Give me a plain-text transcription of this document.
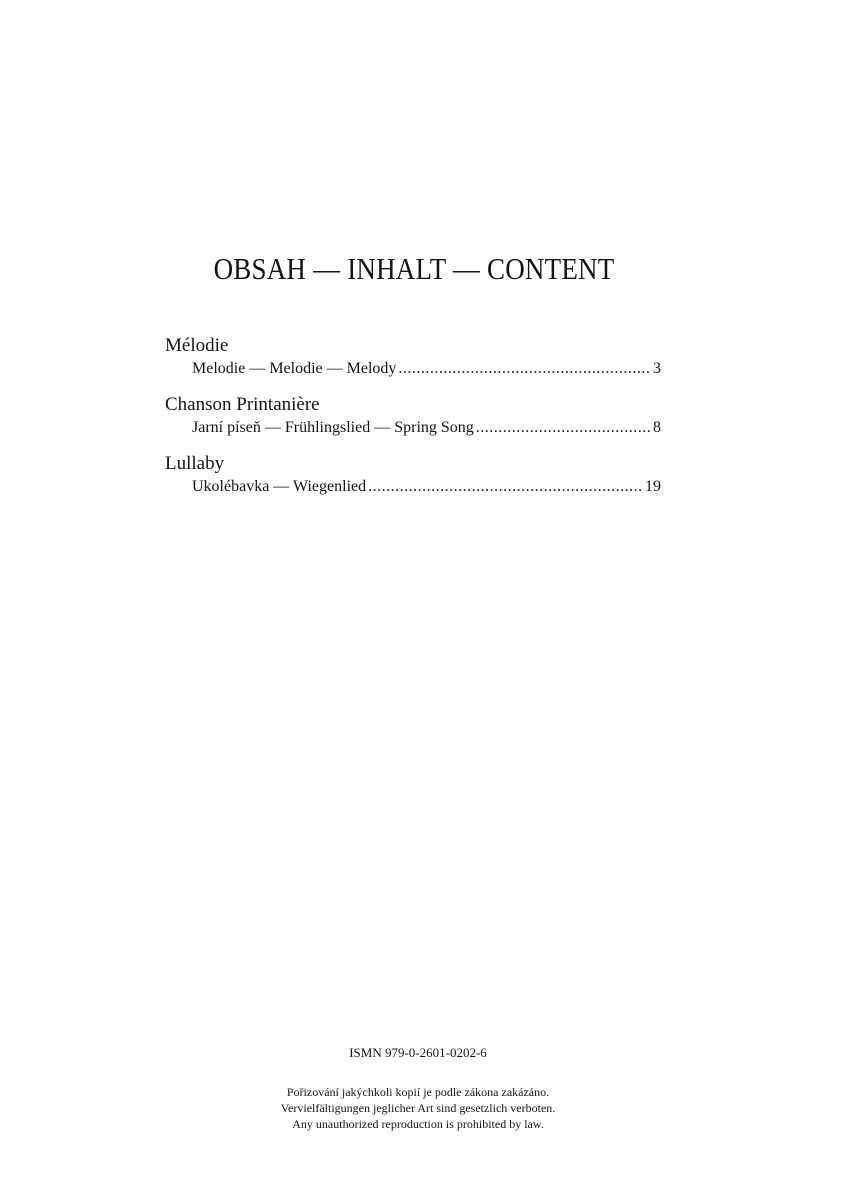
OBSAH — INHALT — CONTENT
Mélodie
Melodie — Melodie — Melody .....	3
Chanson Printanière
Jarní píseň — Frühlingslied — Spring Song .....	8
Lullaby
Ukolébavka — Wiegenlied .....	19
ISMN 979-0-2601-0202-6
Pořizování jakýchkoli kopií je podle zákona zakázáno.
Vervielfältigungen jeglicher Art sind gesetzlich verboten.
Any unauthorized reproduction is prohibited by law.
